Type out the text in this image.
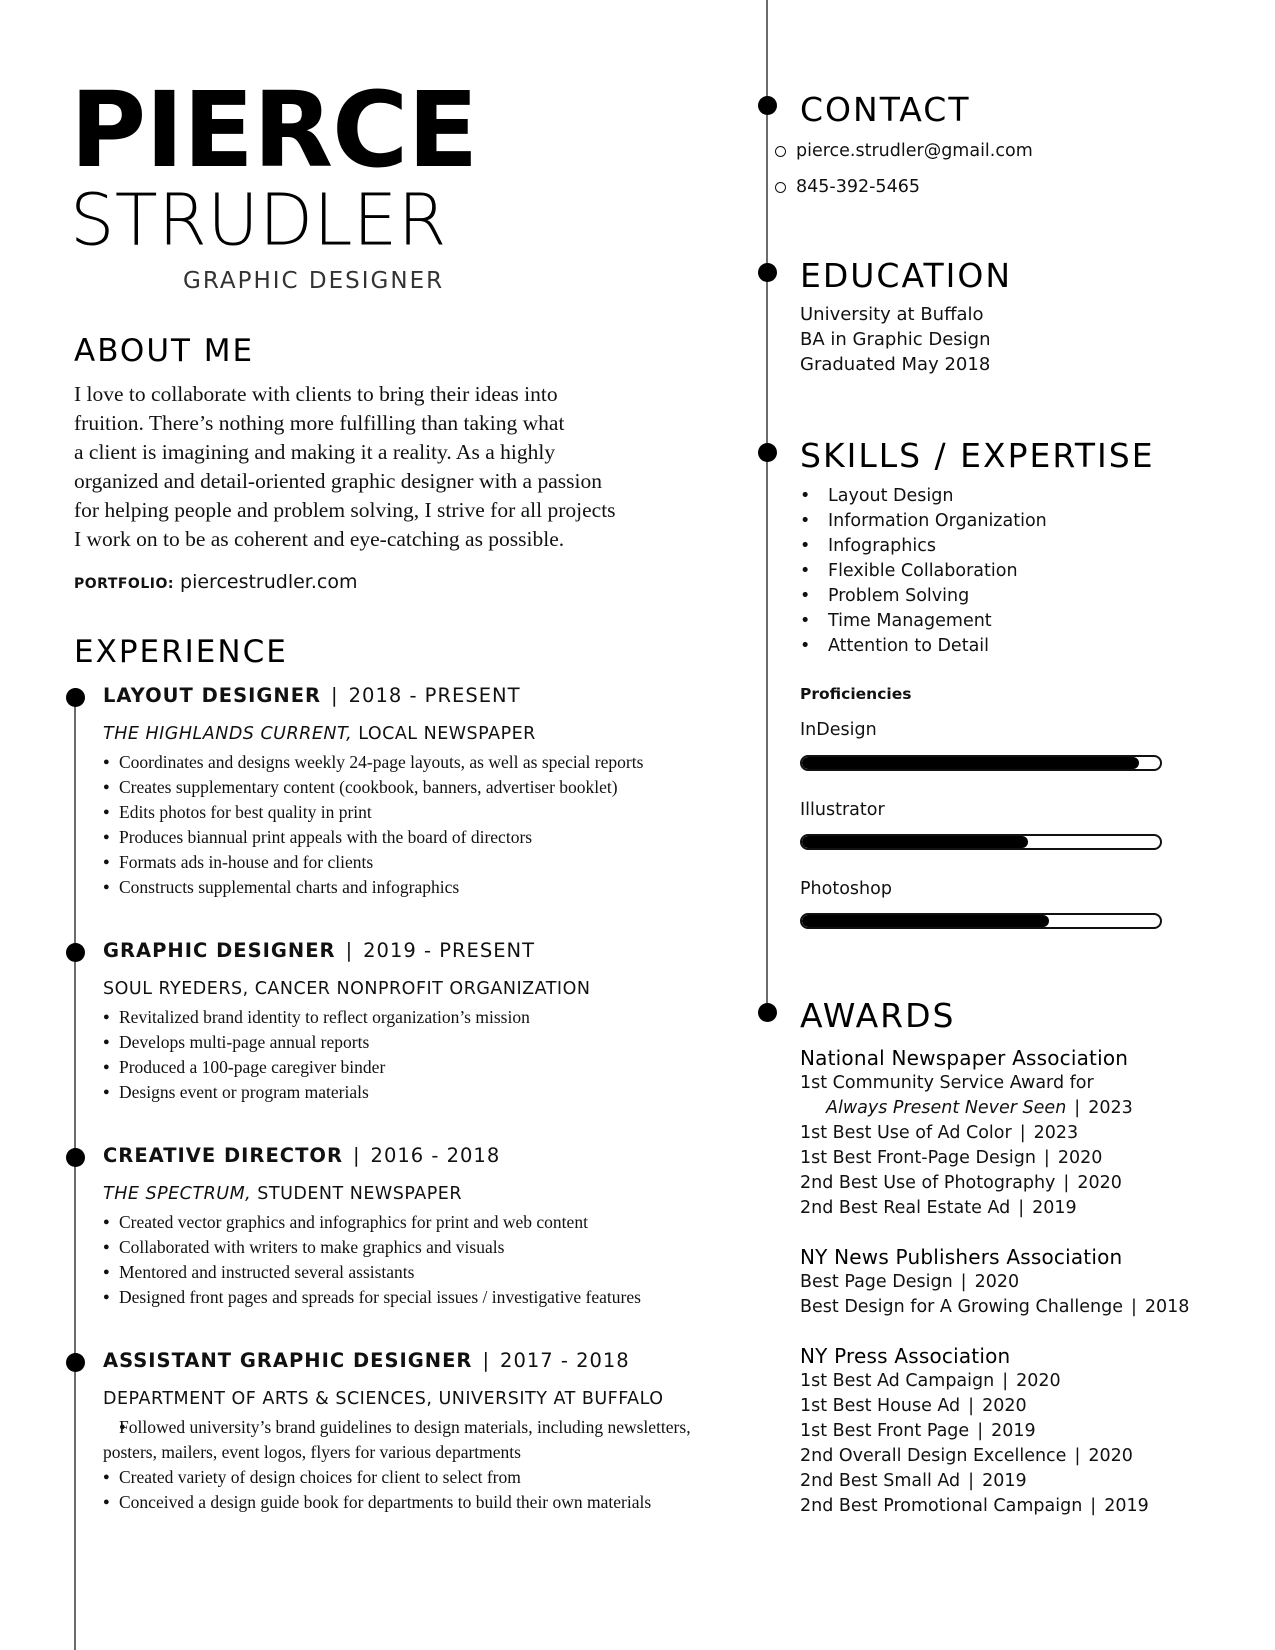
PIERCE
STRUDLER
GRAPHIC DESIGNER
ABOUT ME
I love to collaborate with clients to bring their ideas into
fruition. There’s nothing more fulfilling than taking what
a client is imagining and making it a reality. As a highly
organized and detail-oriented graphic designer with a passion
for helping people and problem solving, I strive for all projects
I work on to be as coherent and eye-catching as possible.
PORTFOLIO: piercestrudler.com
EXPERIENCE
LAYOUT DESIGNER | 2018 - PRESENT
THE HIGHLANDS CURRENT, LOCAL NEWSPAPER
● Coordinates and designs weekly 24-page layouts, as well as special reports
● Creates supplementary content (cookbook, banners, advertiser booklet)
● Edits photos for best quality in print
● Produces biannual print appeals with the board of directors
● Formats ads in-house and for clients
● Constructs supplemental charts and infographics
GRAPHIC DESIGNER | 2019 - PRESENT
SOUL RYEDERS, CANCER NONPROFIT ORGANIZATION
● Revitalized brand identity to reflect organization’s mission
● Develops multi-page annual reports
● Produced a 100-page caregiver binder
● Designs event or program materials
CREATIVE DIRECTOR | 2016 - 2018
THE SPECTRUM, STUDENT NEWSPAPER
● Created vector graphics and infographics for print and web content
● Collaborated with writers to make graphics and visuals
● Mentored and instructed several assistants
● Designed front pages and spreads for special issues / investigative features
ASSISTANT GRAPHIC DESIGNER | 2017 - 2018
DEPARTMENT OF ARTS & SCIENCES, UNIVERSITY AT BUFFALO
● Followed university’s brand guidelines to design materials, including newsletters, posters, mailers, event logos, flyers for various departments
● Created variety of design choices for client to select from
● Conceived a design guide book for departments to build their own materials
CONTACT
pierce.strudler@gmail.com
845-392-5465
EDUCATION
University at Buffalo
BA in Graphic Design
Graduated May 2018
SKILLS / EXPERTISE
• Layout Design
• Information Organization
• Infographics
• Flexible Collaboration
• Problem Solving
• Time Management
• Attention to Detail
Proficiencies
InDesign
Illustrator
Photoshop
AWARDS
National Newspaper Association
1st Community Service Award for
Always Present Never Seen | 2023
1st Best Use of Ad Color | 2023
1st Best Front-Page Design | 2020
2nd Best Use of Photography | 2020
2nd Best Real Estate Ad | 2019
NY News Publishers Association
Best Page Design | 2020
Best Design for A Growing Challenge | 2018
NY Press Association
1st Best Ad Campaign | 2020
1st Best House Ad | 2020
1st Best Front Page | 2019
2nd Overall Design Excellence | 2020
2nd Best Small Ad | 2019
2nd Best Promotional Campaign | 2019
